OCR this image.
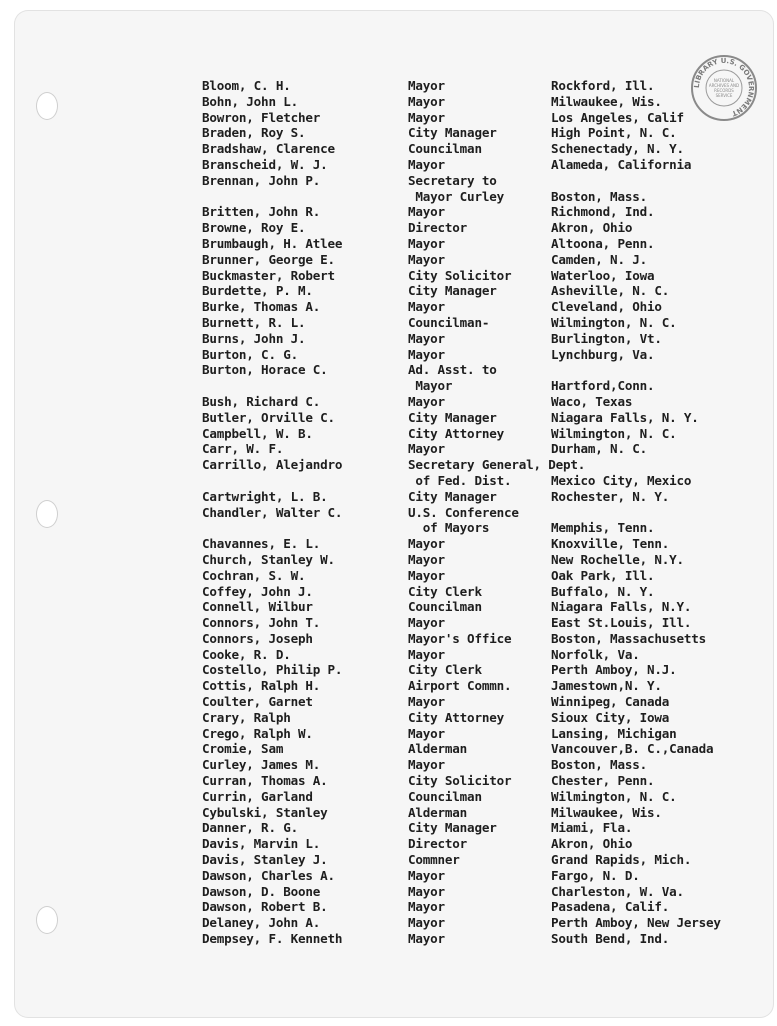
LIBRARY U.S. GOVERNMENT
NATIONAL ARCHIVES AND RECORDS SERVICE
Bloom, C. H.	Mayor	Rockford, Ill.
Bohn, John L.	Mayor	Milwaukee, Wis.
Bowron, Fletcher	Mayor	Los Angeles, Calif
Braden, Roy S.	City Manager	High Point, N. C.
Bradshaw, Clarence	Councilman	Schenectady, N. Y.
Branscheid, W. J.	Mayor	Alameda, California
Brennan, John P.	Secretary to
Mayor Curley	Boston, Mass.
Britten, John R.	Mayor	Richmond, Ind.
Browne, Roy E.	Director	Akron, Ohio
Brumbaugh, H. Atlee	Mayor	Altoona, Penn.
Brunner, George E.	Mayor	Camden, N. J.
Buckmaster, Robert	City Solicitor	Waterloo, Iowa
Burdette, P. M.	City Manager	Asheville, N. C.
Burke, Thomas A.	Mayor	Cleveland, Ohio
Burnett, R. L.	Councilman-	Wilmington, N. C.
Burns, John J.	Mayor	Burlington, Vt.
Burton, C. G.	Mayor	Lynchburg, Va.
Burton, Horace C.	Ad. Asst. to
Mayor	Hartford,Conn.
Bush, Richard C.	Mayor	Waco, Texas
Butler, Orville C.	City Manager	Niagara Falls, N. Y.
Campbell, W. B.	City Attorney	Wilmington, N. C.
Carr, W. F.	Mayor	Durham, N. C.
Carrillo, Alejandro	Secretary General, Dept.
of Fed. Dist.	Mexico City, Mexico
Cartwright, L. B.	City Manager	Rochester, N. Y.
Chandler, Walter C.	U.S. Conference
of Mayors	Memphis, Tenn.
Chavannes, E. L.	Mayor	Knoxville, Tenn.
Church, Stanley W.	Mayor	New Rochelle, N.Y.
Cochran, S. W.	Mayor	Oak Park, Ill.
Coffey, John J.	City Clerk	Buffalo, N. Y.
Connell, Wilbur	Councilman	Niagara Falls, N.Y.
Connors, John T.	Mayor	East St.Louis, Ill.
Connors, Joseph	Mayor's Office	Boston, Massachusetts
Cooke, R. D.	Mayor	Norfolk, Va.
Costello, Philip P.	City Clerk	Perth Amboy, N.J.
Cottis, Ralph H.	Airport Commn.	Jamestown,N. Y.
Coulter, Garnet	Mayor	Winnipeg, Canada
Crary, Ralph	City Attorney	Sioux City, Iowa
Crego, Ralph W.	Mayor	Lansing, Michigan
Cromie, Sam	Alderman	Vancouver,B. C.,Canada
Curley, James M.	Mayor	Boston, Mass.
Curran, Thomas A.	City Solicitor	Chester, Penn.
Currin, Garland	Councilman	Wilmington, N. C.
Cybulski, Stanley	Alderman	Milwaukee, Wis.
Danner, R. G.	City Manager	Miami, Fla.
Davis, Marvin L.	Director	Akron, Ohio
Davis, Stanley J.	Commner	Grand Rapids, Mich.
Dawson, Charles A.	Mayor	Fargo, N. D.
Dawson, D. Boone	Mayor	Charleston, W. Va.
Dawson, Robert B.	Mayor	Pasadena, Calif.
Delaney, John A.	Mayor	Perth Amboy, New Jersey
Dempsey, F. Kenneth	Mayor	South Bend, Ind.
